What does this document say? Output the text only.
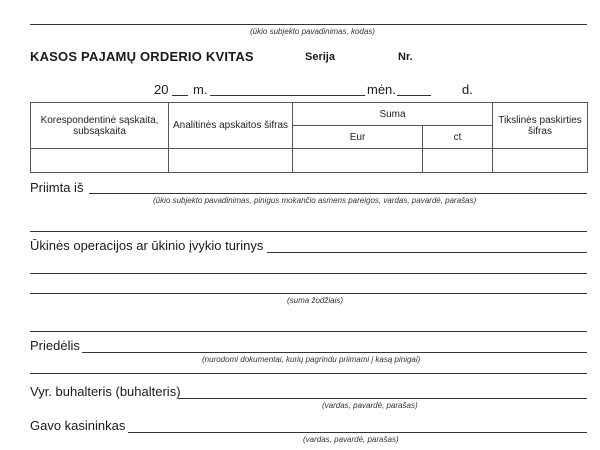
(ūkio subjekto pavadinimas, kodas)
KASOS PAJAMŲ ORDERIO KVITAS	Serija	Nr.
20 m.	mėn.	d.
Korespondentinė sąskaita, subsąskaita	Analitinės apskaitos šifras	Suma		Tikslinės paskirties šifras
		Eur	ct	

Priimta iš
(ūkio subjekto pavadinimas, pinigus mokančio asmens pareigos, vardas, pavardė, parašas)
Ūkinės operacijos ar ūkinio įvykio turinys
(suma žodžiais)
Priedėlis
(nurodomi dokumentai, kurių pagrindu priimami į kasą pinigai)
Vyr. buhalteris (buhalteris)
(vardas, pavardė, parašas)
Gavo kasininkas
(vardas, pavardė, parašas)
